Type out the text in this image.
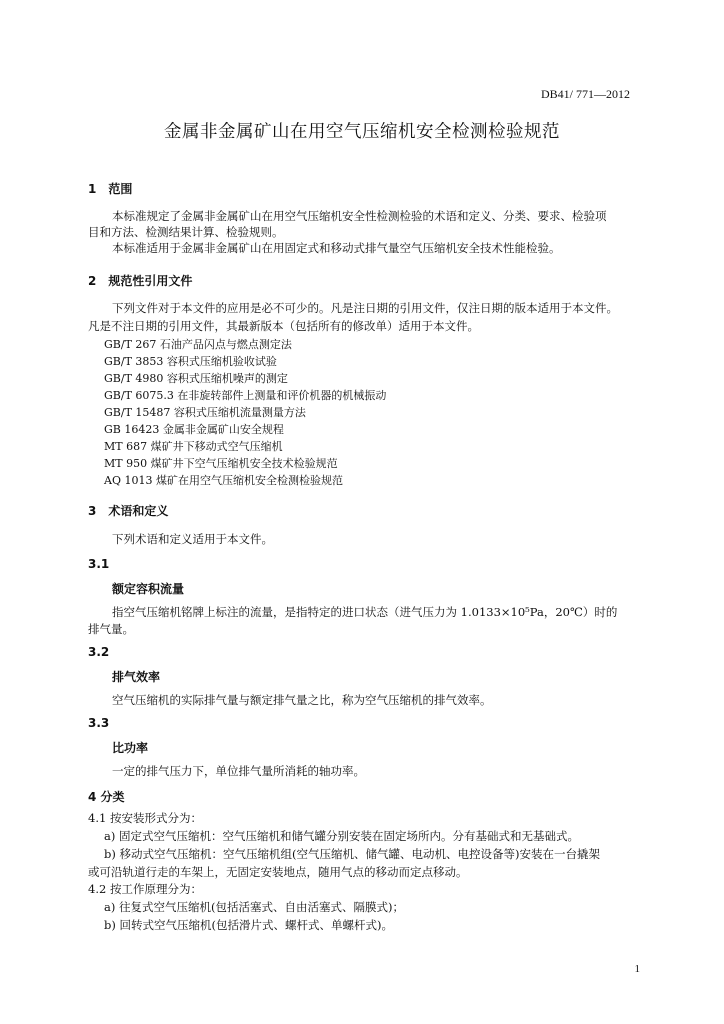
DB41/ 771—2012
金属非金属矿山在用空气压缩机安全检测检验规范
1　范围
本标准规定了金属非金属矿山在用空气压缩机安全性检测检验的术语和定义、分类、要求、检验项
目和方法、检测结果计算、检验规则。
本标准适用于金属非金属矿山在用固定式和移动式排气量空气压缩机安全技术性能检验。
2　规范性引用文件
下列文件对于本文件的应用是必不可少的。凡是注日期的引用文件，仅注日期的版本适用于本文件。
凡是不注日期的引用文件，其最新版本（包括所有的修改单）适用于本文件。
GB/T 267 石油产品闪点与燃点测定法
GB/T 3853 容积式压缩机验收试验
GB/T 4980 容积式压缩机噪声的测定
GB/T 6075.3 在非旋转部件上测量和评价机器的机械振动
GB/T 15487 容积式压缩机流量测量方法
GB 16423 金属非金属矿山安全规程
MT 687 煤矿井下移动式空气压缩机
MT 950 煤矿井下空气压缩机安全技术检验规范
AQ 1013 煤矿在用空气压缩机安全检测检验规范
3　术语和定义
下列术语和定义适用于本文件。
3.1
额定容积流量
指空气压缩机铭牌上标注的流量，是指特定的进口状态（进气压力为 1.0133×10⁵Pa，20℃）时的
排气量。
3.2
排气效率
空气压缩机的实际排气量与额定排气量之比，称为空气压缩机的排气效率。
3.3
比功率
一定的排气压力下，单位排气量所消耗的轴功率。
4 分类
4.1 按安装形式分为：
a) 固定式空气压缩机：空气压缩机和储气罐分别安装在固定场所内。分有基础式和无基础式。
b) 移动式空气压缩机：空气压缩机组(空气压缩机、储气罐、电动机、电控设备等)安装在一台撬架
或可沿轨道行走的车架上，无固定安装地点，随用气点的移动而定点移动。
4.2 按工作原理分为：
a) 往复式空气压缩机(包括活塞式、自由活塞式、隔膜式)；
b) 回转式空气压缩机(包括滑片式、螺杆式、单螺杆式)。
1
